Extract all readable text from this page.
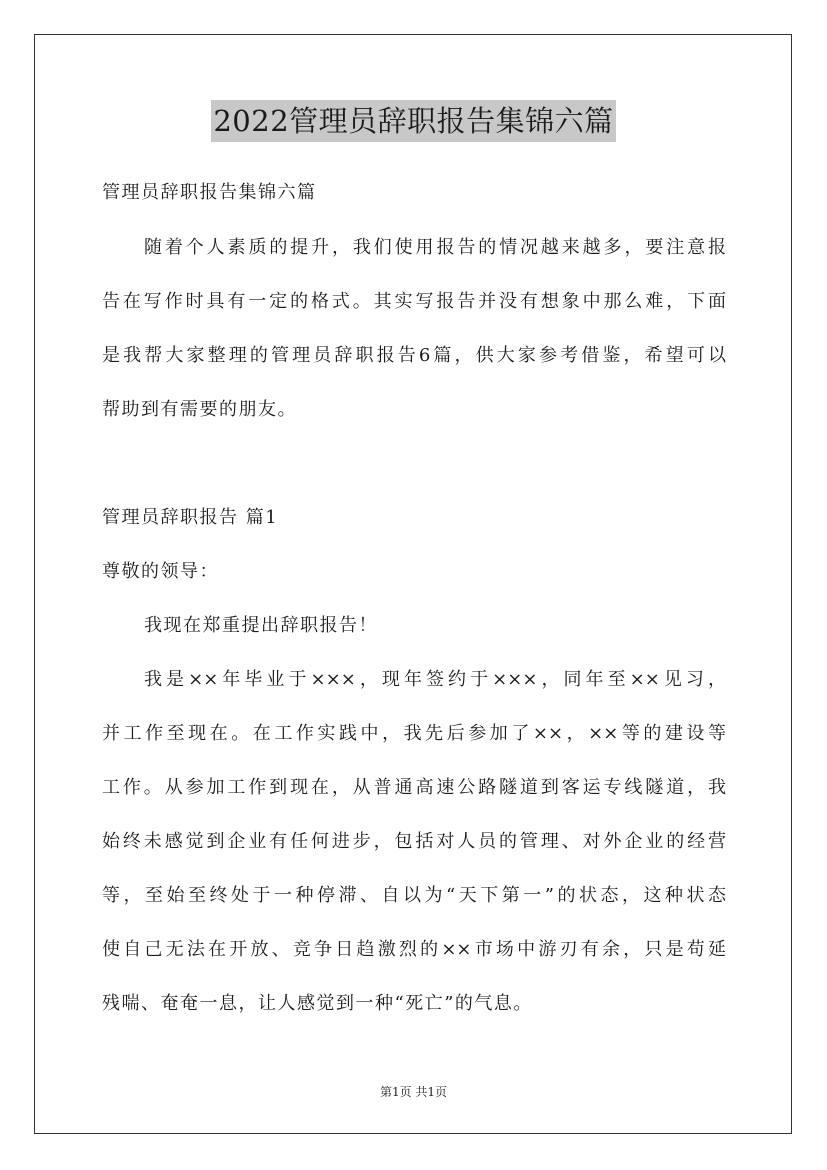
2022管理员辞职报告集锦六篇
管理员辞职报告集锦六篇
随着个人素质的提升，我们使用报告的情况越来越多，要注意报
告在写作时具有一定的格式。其实写报告并没有想象中那么难，下面
是我帮大家整理的管理员辞职报告6篇，供大家参考借鉴，希望可以
帮助到有需要的朋友。
管理员辞职报告 篇1
尊敬的领导：
我现在郑重提出辞职报告！
我是××年毕业于×××，现年签约于×××，同年至××见习，
并工作至现在。在工作实践中，我先后参加了××，××等的建设等
工作。从参加工作到现在，从普通高速公路隧道到客运专线隧道，我
始终未感觉到企业有任何进步，包括对人员的管理、对外企业的经营
等，至始至终处于一种停滞、自以为“天下第一”的状态，这种状态
使自己无法在开放、竞争日趋激烈的××市场中游刃有余，只是苟延
残喘、奄奄一息，让人感觉到一种“死亡”的气息。
第1页 共1页
